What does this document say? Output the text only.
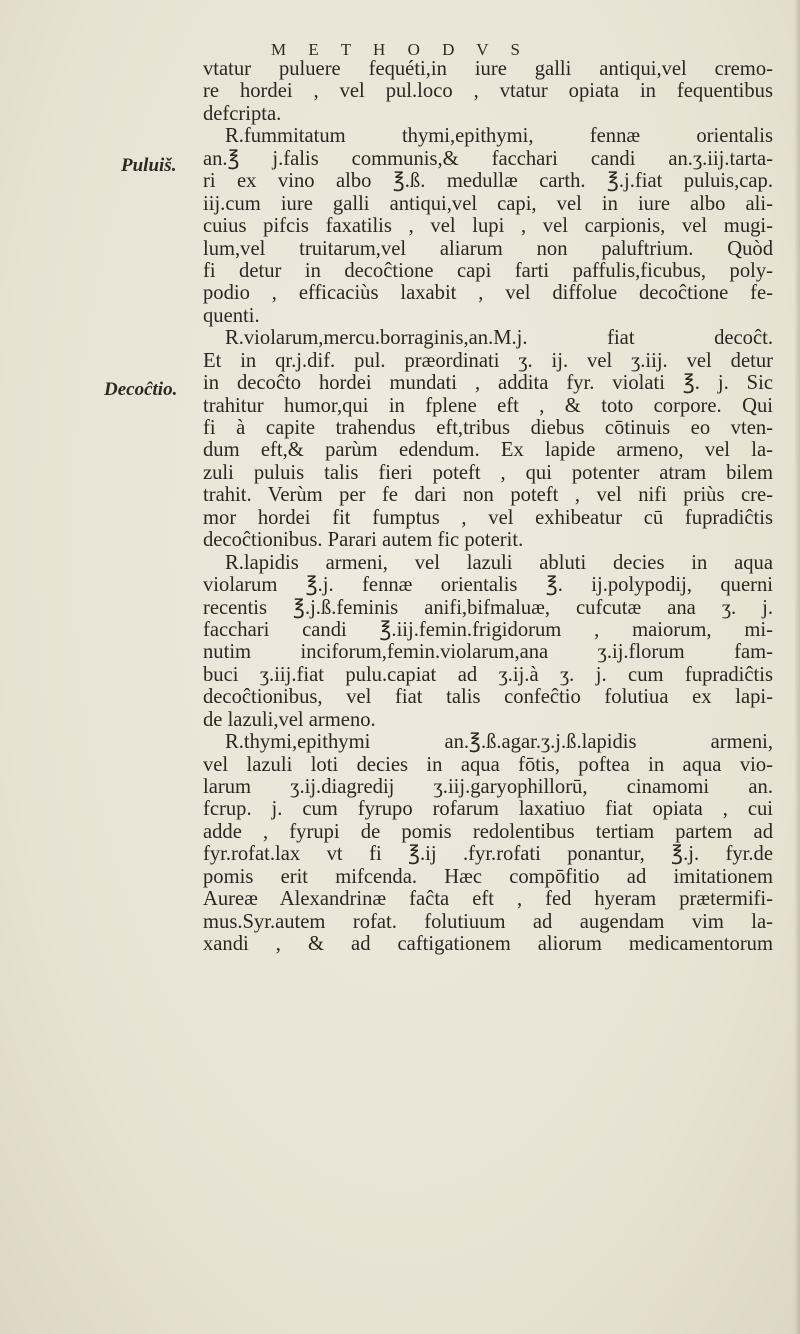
M E T H O D V S
Puluiš.
Decoĉtio.
vtatur puluere fequéti,in iure galli antiqui,vel cremo-
re hordei , vel pul.loco , vtatur opiata in fequentibus
defcripta.
R.fummitatum thymi,epithymi, fennæ orientalis
an.℥ j.falis communis,& facchari candi an.ʒ.iij.tarta-
ri ex vino albo ℥.ß. medullæ carth. ℥.j.fiat puluis,cap.
iij.cum iure galli antiqui,vel capi, vel in iure albo ali-
cuius pifcis faxatilis , vel lupi , vel carpionis, vel mugi-
lum,vel truitarum,vel aliarum non paluftrium. Quòd
fi detur in decoĉtione capi farti paffulis,ficubus, poly-
podio , efficaciùs laxabit , vel diffolue decoĉtione fe-
quenti.
R.violarum,mercu.borraginis,an.M.j. fiat decoĉt.
Et in qr.j.dif. pul. præordinati ʒ. ij. vel ʒ.iij. vel detur
in decoĉto hordei mundati , addita fyr. violati ℥. j. Sic
trahitur humor,qui in fplene eft , & toto corpore. Qui
fi à capite trahendus eft,tribus diebus cōtinuis eo vten-
dum eft,& parùm edendum. Ex lapide armeno, vel la-
zuli puluis talis fieri poteft , qui potenter atram bilem
trahit. Verùm per fe dari non poteft , vel nifi priùs cre-
mor hordei fit fumptus , vel exhibeatur cū fupradiĉtis
decoĉtionibus. Parari autem fic poterit.
R.lapidis armeni, vel lazuli abluti decies in aqua
violarum ℥.j. fennæ orientalis ℥. ij.polypodij, querni
recentis ℥.j.ß.feminis anifi,bifmaluæ, cufcutæ ana ʒ. j.
facchari candi ℥.iij.femin.frigidorum , maiorum, mi-
nutim inciforum,femin.violarum,ana ʒ.ij.florum fam-
buci ʒ.iij.fiat pulu.capiat ad ʒ.ij.à ʒ. j. cum fupradiĉtis
decoĉtionibus, vel fiat talis confeĉtio folutiua ex lapi-
de lazuli,vel armeno.
R.thymi,epithymi an.℥.ß.agar.ʒ.j.ß.lapidis armeni,
vel lazuli loti decies in aqua fōtis, poftea in aqua vio-
larum ʒ.ij.diagredij ʒ.iij.garyophillorū, cinamomi an.
fcrup. j. cum fyrupo rofarum laxatiuo fiat opiata , cui
adde , fyrupi de pomis redolentibus tertiam partem ad
fyr.rofat.lax vt fi ℥.ij .fyr.rofati ponantur, ℥.j. fyr.de
pomis erit mifcenda. Hæc compōfitio ad imitationem
Aureæ Alexandrinæ faĉta eft , fed hyeram prætermifi-
mus.Syr.autem rofat. folutiuum ad augendam vim la-
xandi , & ad caftigationem aliorum medicamentorum
